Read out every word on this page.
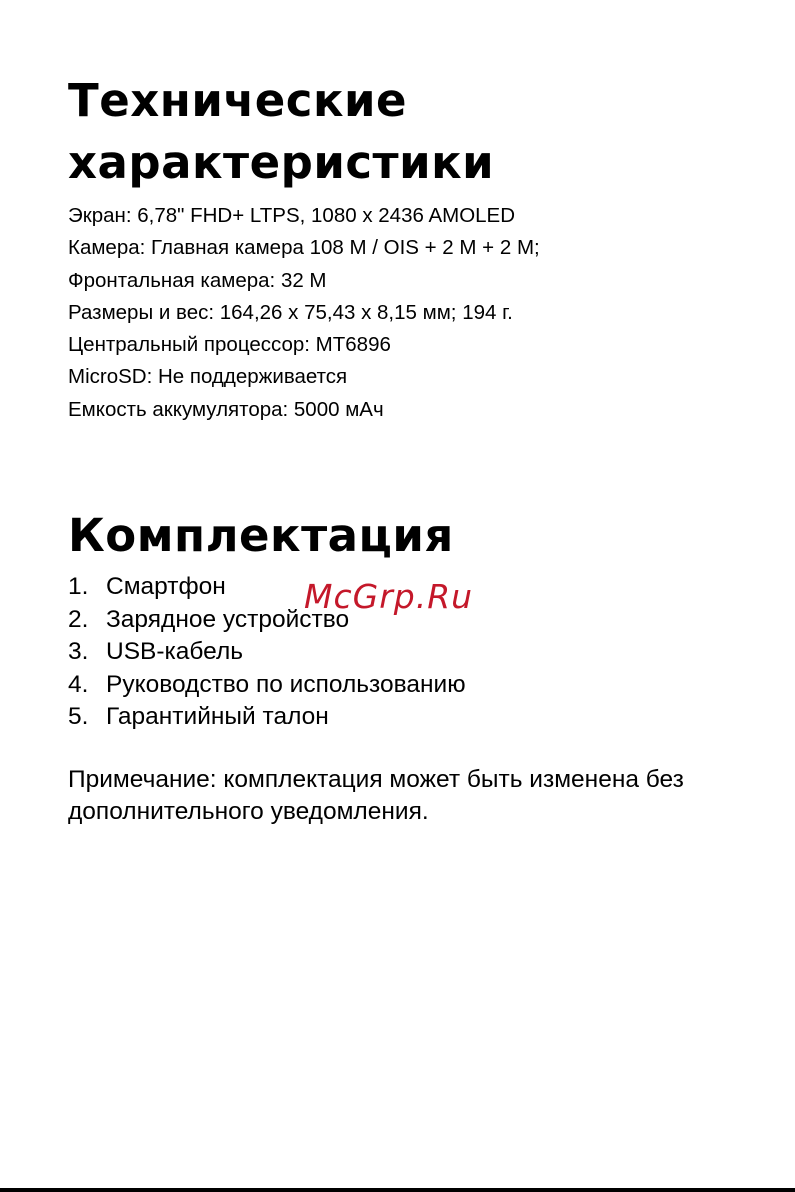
Технические характеристики
Экран: 6,78" FHD+ LTPS, 1080 x 2436 AMOLED
Камера: Главная камера 108 M / OIS + 2 M + 2 M;
Фронтальная камера: 32 M
Размеры и вес: 164,26 x 75,43 x 8,15 мм; 194 г.
Центральный процессор: MT6896
MicroSD: Не поддерживается
Емкость аккумулятора: 5000 мАч
Комплектация
1. Смартфон
2. Зарядное устройство
3. USB-кабель
4. Руководство по использованию
5. Гарантийный талон

Примечание: комплектация может быть изменена без дополнительного уведомления.

McGrp.Ru
